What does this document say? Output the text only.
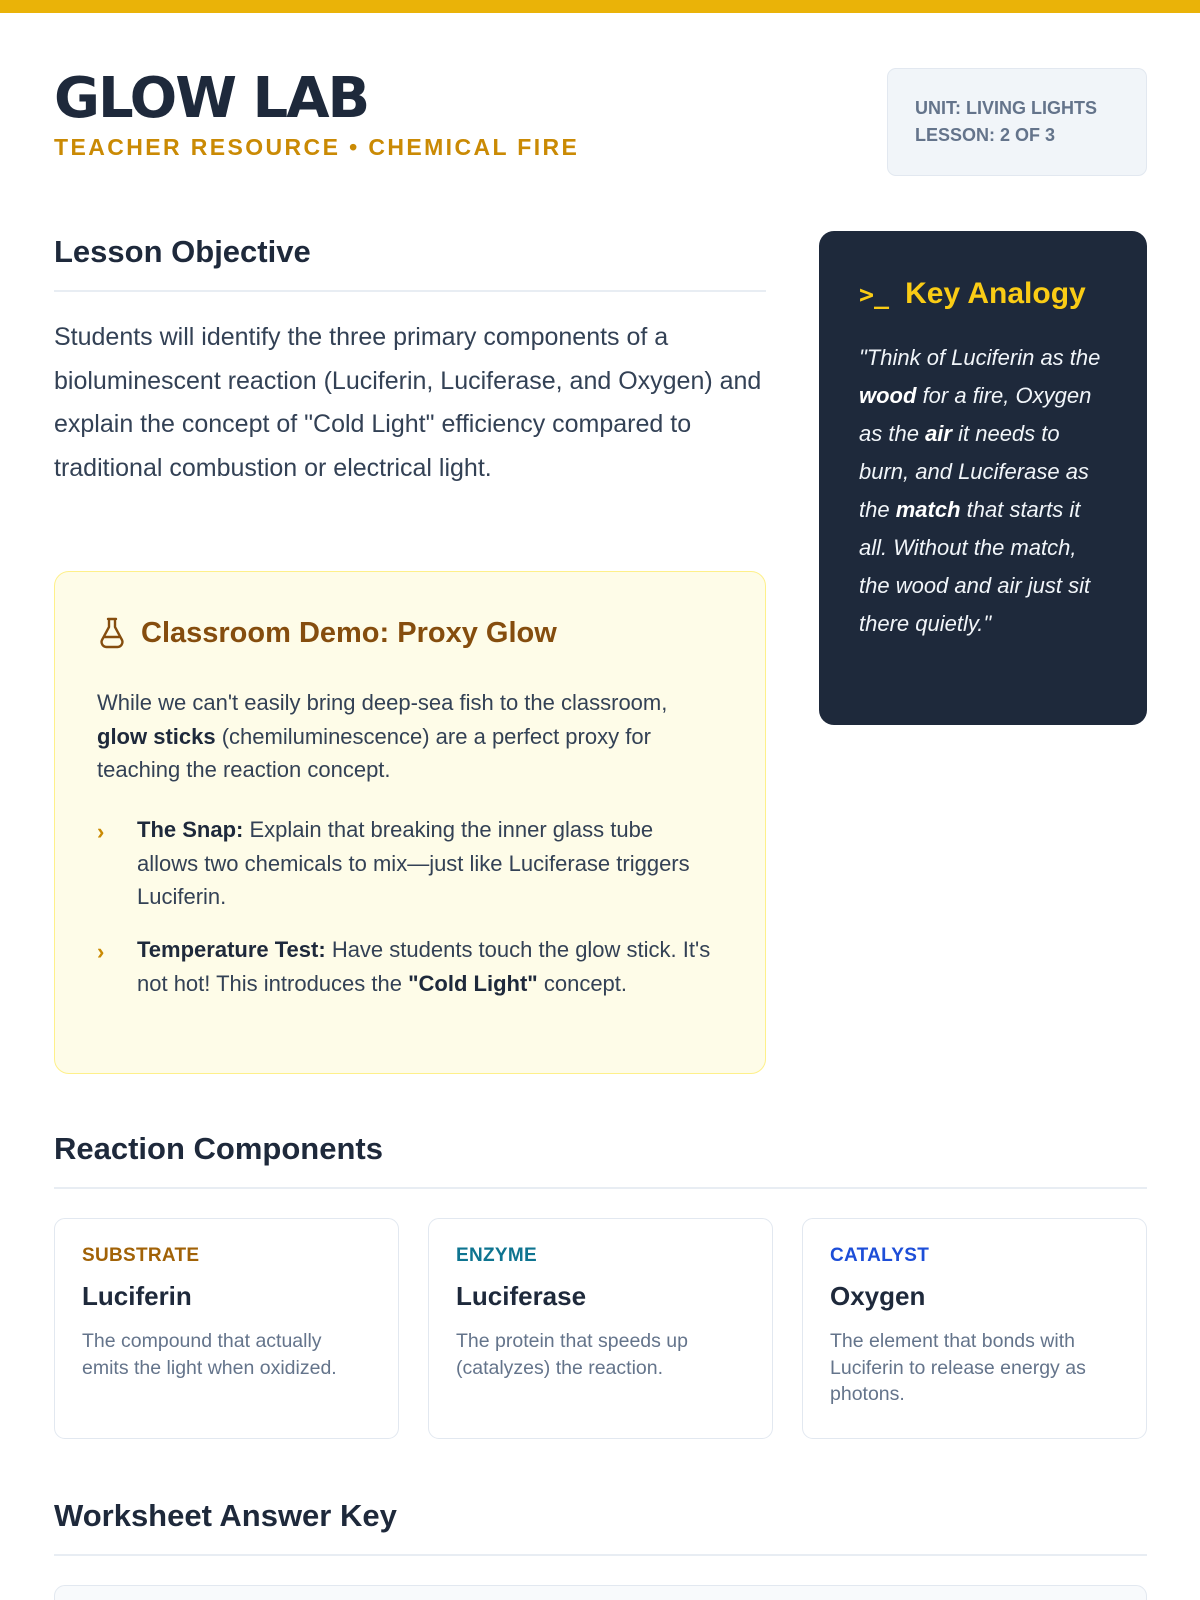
GLOW LAB
TEACHER RESOURCE • CHEMICAL FIRE
UNIT: LIVING LIGHTS
LESSON: 2 OF 3
Lesson Objective
Students will identify the three primary components of a bioluminescent reaction (Luciferin, Luciferase, and Oxygen) and explain the concept of "Cold Light" efficiency compared to traditional combustion or electrical light.
Classroom Demo: Proxy Glow
While we can't easily bring deep-sea fish to the classroom, glow sticks (chemiluminescence) are a perfect proxy for teaching the reaction concept.
›	The Snap: Explain that breaking the inner glass tube allows two chemicals to mix—just like Luciferase triggers Luciferin.
›	Temperature Test: Have students touch the glow stick. It's not hot! This introduces the "Cold Light" concept.
>_ Key Analogy
"Think of Luciferin as the wood for a fire, Oxygen as the air it needs to burn, and Luciferase as the match that starts it all. Without the match, the wood and air just sit there quietly."
Reaction Components
SUBSTRATE
Luciferin
The compound that actually emits the light when oxidized.
ENZYME
Luciferase
The protein that speeds up (catalyzes) the reaction.
CATALYST
Oxygen
The element that bonds with Luciferin to release energy as photons.
Worksheet Answer Key
